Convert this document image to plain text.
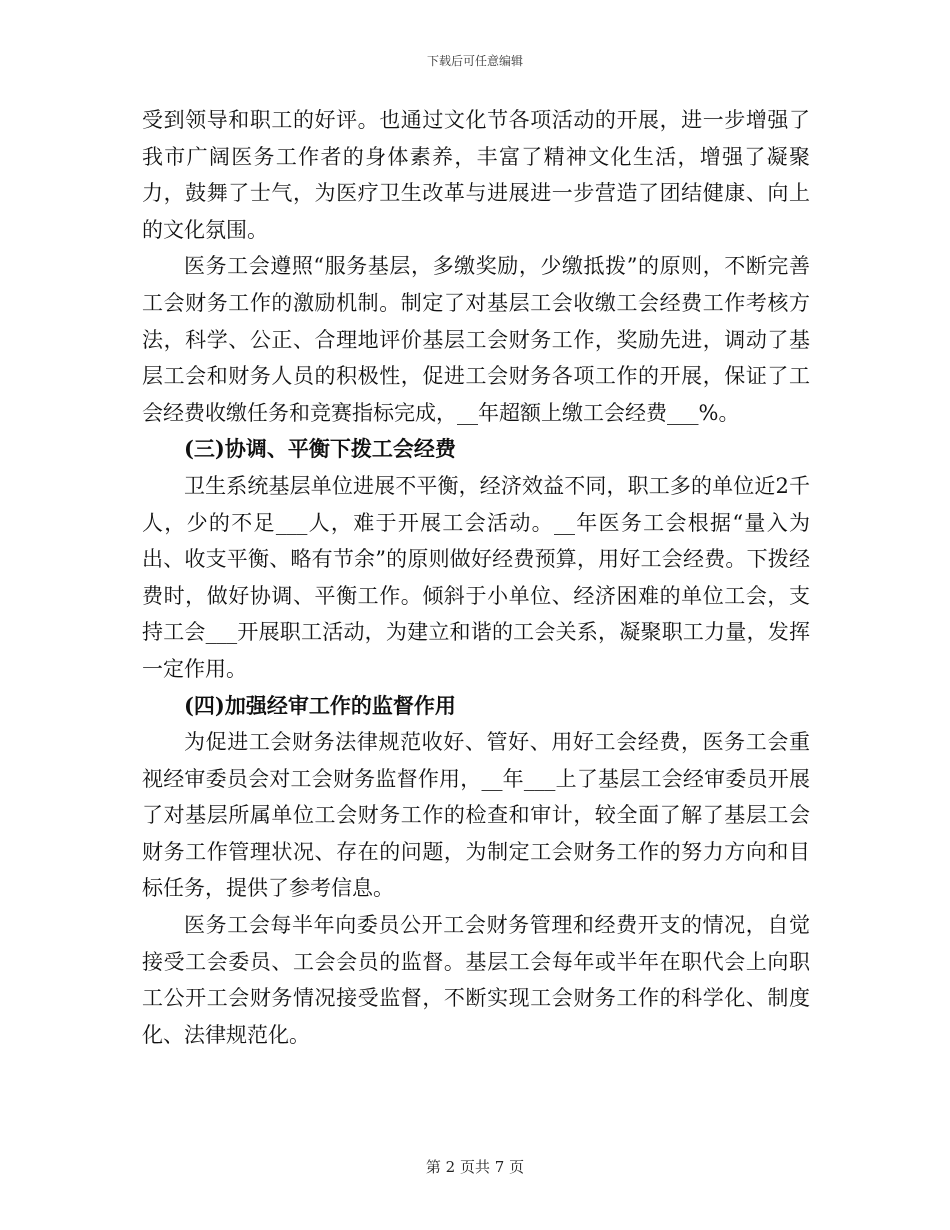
下载后可任意编辑

受到领导和职工的好评。也通过文化节各项活动的开展，进一步增强了我市广阔医务工作者的身体素养，丰富了精神文化生活，增强了凝聚力，鼓舞了士气，为医疗卫生改革与进展进一步营造了团结健康、向上的文化氛围。

医务工会遵照“服务基层，多缴奖励，少缴抵拨”的原则，不断完善工会财务工作的激励机制。制定了对基层工会收缴工会经费工作考核方法，科学、公正、合理地评价基层工会财务工作，奖励先进，调动了基层工会和财务人员的积极性，促进工会财务各项工作的开展，保证了工会经费收缴任务和竞赛指标完成，__年超额上缴工会经费___%。

(三)协调、平衡下拨工会经费

卫生系统基层单位进展不平衡，经济效益不同，职工多的单位近2千人，少的不足___人，难于开展工会活动。__年医务工会根据“量入为出、收支平衡、略有节余”的原则做好经费预算，用好工会经费。下拨经费时，做好协调、平衡工作。倾斜于小单位、经济困难的单位工会，支持工会___开展职工活动，为建立和谐的工会关系，凝聚职工力量，发挥一定作用。

(四)加强经审工作的监督作用

为促进工会财务法律规范收好、管好、用好工会经费，医务工会重视经审委员会对工会财务监督作用，__年___上了基层工会经审委员开展了对基层所属单位工会财务工作的检查和审计，较全面了解了基层工会财务工作管理状况、存在的问题，为制定工会财务工作的努力方向和目标任务，提供了参考信息。

医务工会每半年向委员公开工会财务管理和经费开支的情况，自觉接受工会委员、工会会员的监督。基层工会每年或半年在职代会上向职工公开工会财务情况接受监督，不断实现工会财务工作的科学化、制度化、法律规范化。

第 2 页共 7 页
